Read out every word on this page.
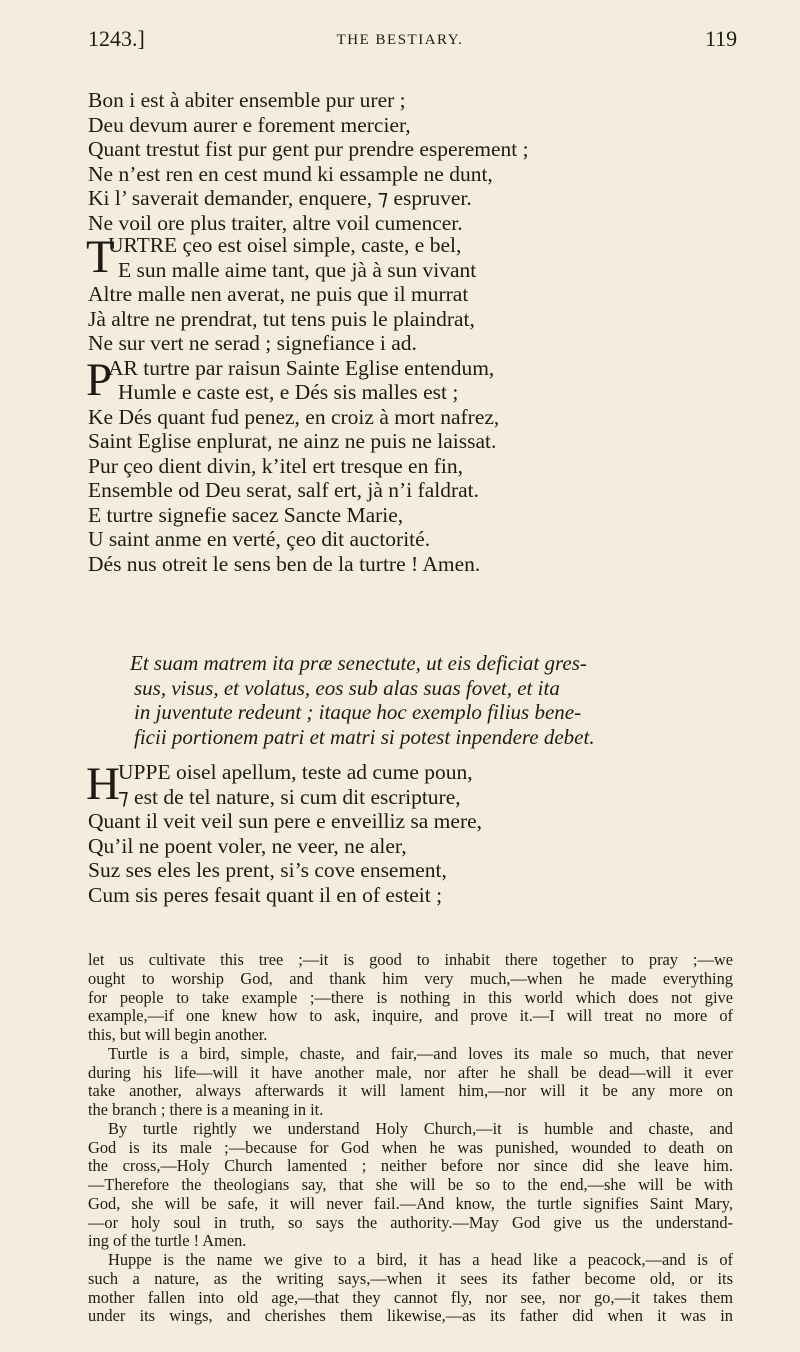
1243.]	THE BESTIARY.	119
Bon i est à abiter ensemble pur urer ;
Deu devum aurer e forement mercier,
Quant trestut fist pur gent pur prendre esperement ;
Ne n’est ren en cest mund ki essample ne dunt,
Ki l’ saverait demander, enquere, ⁊ espruver.
Ne voil ore plus traiter, altre voil cumencer.
T
URTRE çeo est oisel simple, caste, e bel,
E sun malle aime tant, que jà à sun vivant
Altre malle nen averat, ne puis que il murrat
Jà altre ne prendrat, tut tens puis le plaindrat,
Ne sur vert ne serad ; signefiance i ad.
P
AR turtre par raisun Sainte Eglise entendum,
Humle e caste est, e Dés sis malles est ;
Ke Dés quant fud penez, en croiz à mort nafrez,
Saint Eglise enplurat, ne ainz ne puis ne laissat.
Pur çeo dient divin, k’itel ert tresque en fin,
Ensemble od Deu serat, salf ert, jà n’i faldrat.
E turtre signefie sacez Sancte Marie,
U saint anme en verté, çeo dit auctorité.
Dés nus otreit le sens ben de la turtre ! Amen.
Et suam matrem ita præ senectute, ut eis deficiat gres-
sus, visus, et volatus, eos sub alas suas fovet, et ita
in juventute redeunt ; itaque hoc exemplo filius bene-
ficii portionem patri et matri si potest inpendere debet.
H
UPPE oisel apellum, teste ad cume poun,
⁊ est de tel nature, si cum dit escripture,
Quant il veit veil sun pere e enveilliz sa mere,
Qu’il ne poent voler, ne veer, ne aler,
Suz ses eles les prent, si’s cove ensement,
Cum sis peres fesait quant il en of esteit ;
let us cultivate this tree ;—it is good to inhabit there together to pray ;—we
ought to worship God, and thank him very much,—when he made everything
for people to take example ;—there is nothing in this world which does not give
example,—if one knew how to ask, inquire, and prove it.—I will treat no more of
this, but will begin another.
Turtle is a bird, simple, chaste, and fair,—and loves its male so much, that never
during his life—will it have another male, nor after he shall be dead—will it ever
take another, always afterwards it will lament him,—nor will it be any more on
the branch ; there is a meaning in it.
By turtle rightly we understand Holy Church,—it is humble and chaste, and
God is its male ;—because for God when he was punished, wounded to death on
the cross,—Holy Church lamented ; neither before nor since did she leave him.
—Therefore the theologians say, that she will be so to the end,—she will be with
God, she will be safe, it will never fail.—And know, the turtle signifies Saint Mary,
—or holy soul in truth, so says the authority.—May God give us the understand-
ing of the turtle ! Amen.
Huppe is the name we give to a bird, it has a head like a peacock,—and is of
such a nature, as the writing says,—when it sees its father become old, or its
mother fallen into old age,—that they cannot fly, nor see, nor go,—it takes them
under its wings, and cherishes them likewise,—as its father did when it was in
